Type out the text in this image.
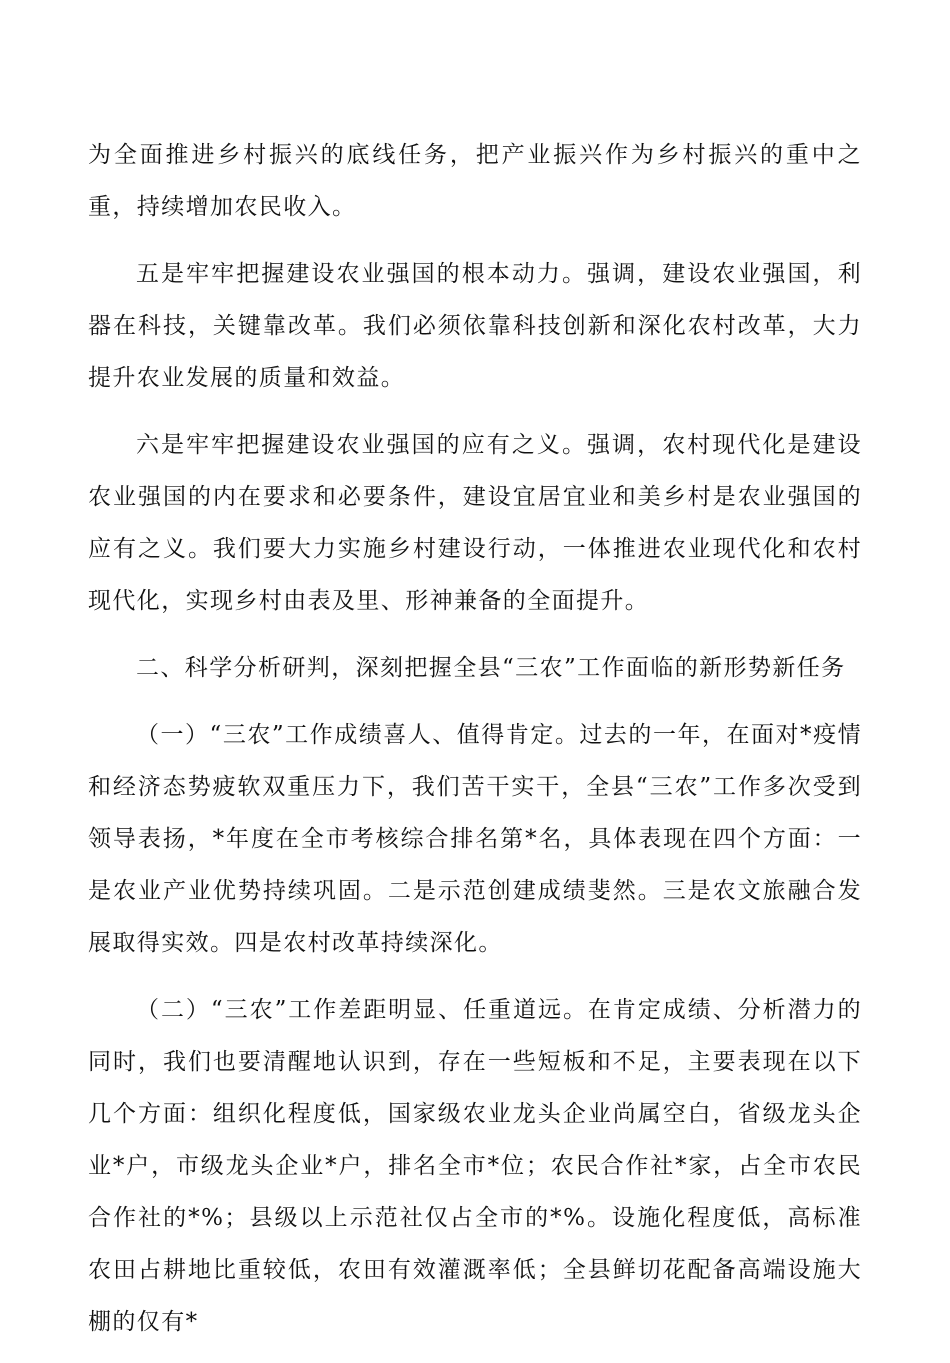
为全面推进乡村振兴的底线任务，把产业振兴作为乡村振兴的重中之重，持续增加农民收入。

五是牢牢把握建设农业强国的根本动力。强调，建设农业强国，利器在科技，关键靠改革。我们必须依靠科技创新和深化农村改革，大力提升农业发展的质量和效益。

六是牢牢把握建设农业强国的应有之义。强调，农村现代化是建设农业强国的内在要求和必要条件，建设宜居宜业和美乡村是农业强国的应有之义。我们要大力实施乡村建设行动，一体推进农业现代化和农村现代化，实现乡村由表及里、形神兼备的全面提升。

二、科学分析研判，深刻把握全县“三农”工作面临的新形势新任务

（一）“三农”工作成绩喜人、值得肯定。过去的一年，在面对*疫情和经济态势疲软双重压力下，我们苦干实干，全县“三农”工作多次受到领导表扬，*年度在全市考核综合排名第*名，具体表现在四个方面：一是农业产业优势持续巩固。二是示范创建成绩斐然。三是农文旅融合发展取得实效。四是农村改革持续深化。

（二）“三农”工作差距明显、任重道远。在肯定成绩、分析潜力的同时，我们也要清醒地认识到，存在一些短板和不足，主要表现在以下几个方面：组织化程度低，国家级农业龙头企业尚属空白，省级龙头企业*户，市级龙头企业*户，排名全市*位；农民合作社*家，占全市农民合作社的*%；县级以上示范社仅占全市的*%。设施化程度低，高标准农田占耕地比重较低，农田有效灌溉率低；全县鲜切花配备高端设施大棚的仅有*
